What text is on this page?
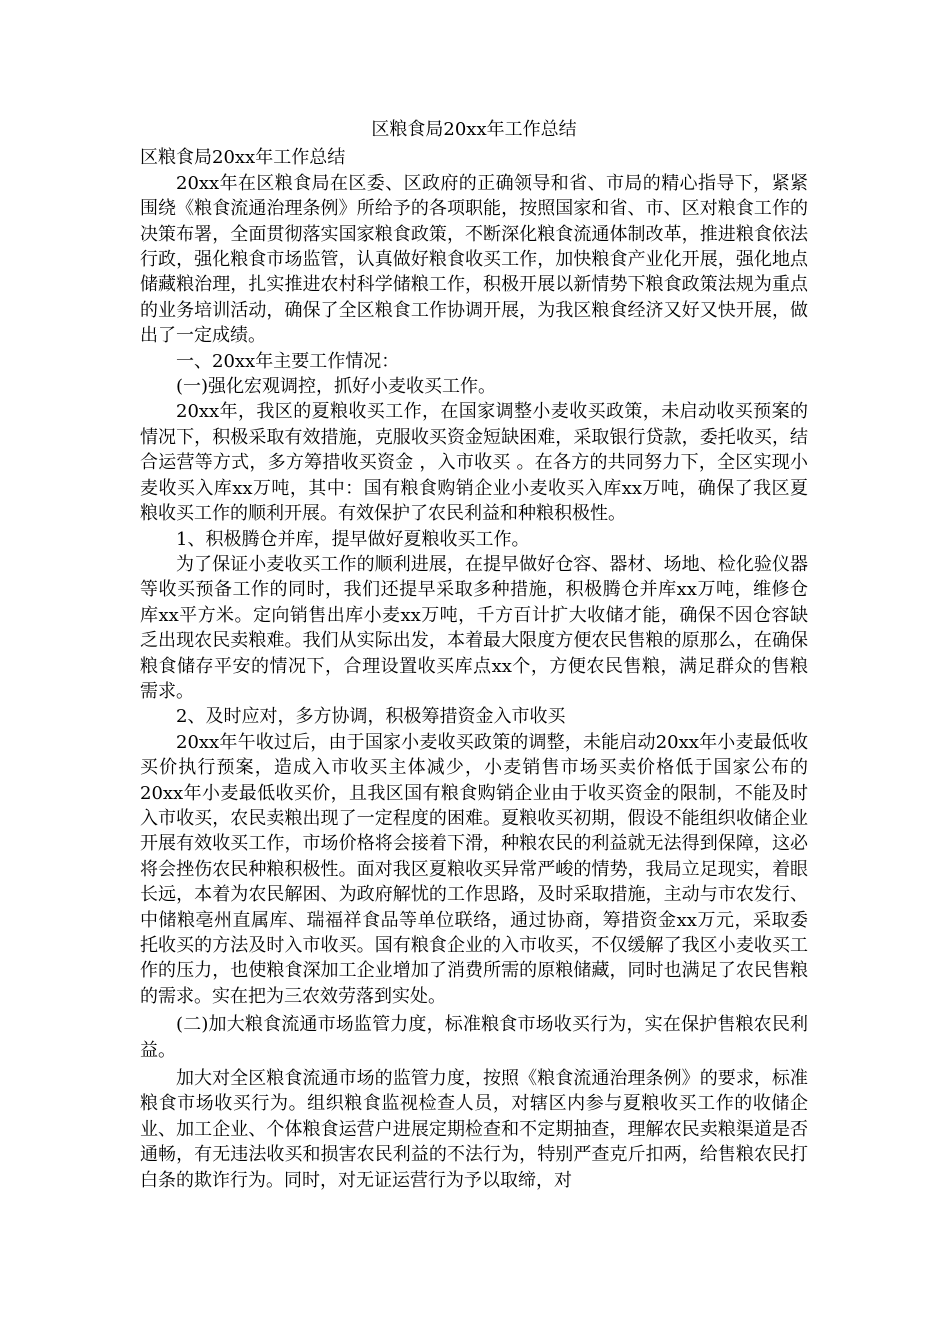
区粮食局20xx年工作总结
区粮食局20xx年工作总结

20xx年在区粮食局在区委、区政府的正确领导和省、市局的精心指导下，紧紧围绕《粮食流通治理条例》所给予的各项职能，按照国家和省、市、区对粮食工作的决策布署，全面贯彻落实国家粮食政策，不断深化粮食流通体制改革，推进粮食依法行政，强化粮食市场监管，认真做好粮食收买工作，加快粮食产业化开展，强化地点储藏粮治理，扎实推进农村科学储粮工作，积极开展以新情势下粮食政策法规为重点的业务培训活动，确保了全区粮食工作协调开展，为我区粮食经济又好又快开展，做出了一定成绩。

一、20xx年主要工作情况：

(一)强化宏观调控，抓好小麦收买工作。

20xx年，我区的夏粮收买工作，在国家调整小麦收买政策，未启动收买预案的情况下，积极采取有效措施，克服收买资金短缺困难，采取银行贷款，委托收买，结合运营等方式，多方筹措收买资金 ，入市收买 。在各方的共同努力下，全区实现小麦收买入库xx万吨，其中：国有粮食购销企业小麦收买入库xx万吨，确保了我区夏粮收买工作的顺利开展。有效保护了农民利益和种粮积极性。

1、积极腾仓并库，提早做好夏粮收买工作。

为了保证小麦收买工作的顺利进展，在提早做好仓容、器材、场地、检化验仪器等收买预备工作的同时，我们还提早采取多种措施，积极腾仓并库xx万吨，维修仓库xx平方米。定向销售出库小麦xx万吨，千方百计扩大收储才能，确保不因仓容缺乏出现农民卖粮难。我们从实际出发，本着最大限度方便农民售粮的原那么，在确保粮食储存平安的情况下，合理设置收买库点xx个，方便农民售粮，满足群众的售粮需求。

2、及时应对，多方协调，积极筹措资金入市收买

20xx年午收过后，由于国家小麦收买政策的调整，未能启动20xx年小麦最低收买价执行预案，造成入市收买主体减少，小麦销售市场买卖价格低于国家公布的20xx年小麦最低收买价，且我区国有粮食购销企业由于收买资金的限制，不能及时入市收买，农民卖粮出现了一定程度的困难。夏粮收买初期，假设不能组织收储企业开展有效收买工作，市场价格将会接着下滑，种粮农民的利益就无法得到保障，这必将会挫伤农民种粮积极性。面对我区夏粮收买异常严峻的情势，我局立足现实，着眼长远，本着为农民解困、为政府解忧的工作思路，及时采取措施，主动与市农发行、中储粮亳州直属库、瑞福祥食品等单位联络，通过协商，筹措资金xx万元，采取委托收买的方法及时入市收买。国有粮食企业的入市收买，不仅缓解了我区小麦收买工作的压力，也使粮食深加工企业增加了消费所需的原粮储藏，同时也满足了农民售粮的需求。实在把为三农效劳落到实处。

(二)加大粮食流通市场监管力度，标准粮食市场收买行为，实在保护售粮农民利益。

加大对全区粮食流通市场的监管力度，按照《粮食流通治理条例》的要求，标准粮食市场收买行为。组织粮食监视检查人员，对辖区内参与夏粮收买工作的收储企业、加工企业、个体粮食运营户进展定期检查和不定期抽查，理解农民卖粮渠道是否通畅，有无违法收买和损害农民利益的不法行为，特别严查克斤扣两，给售粮农民打白条的欺诈行为。同时，对无证运营行为予以取缔，对
